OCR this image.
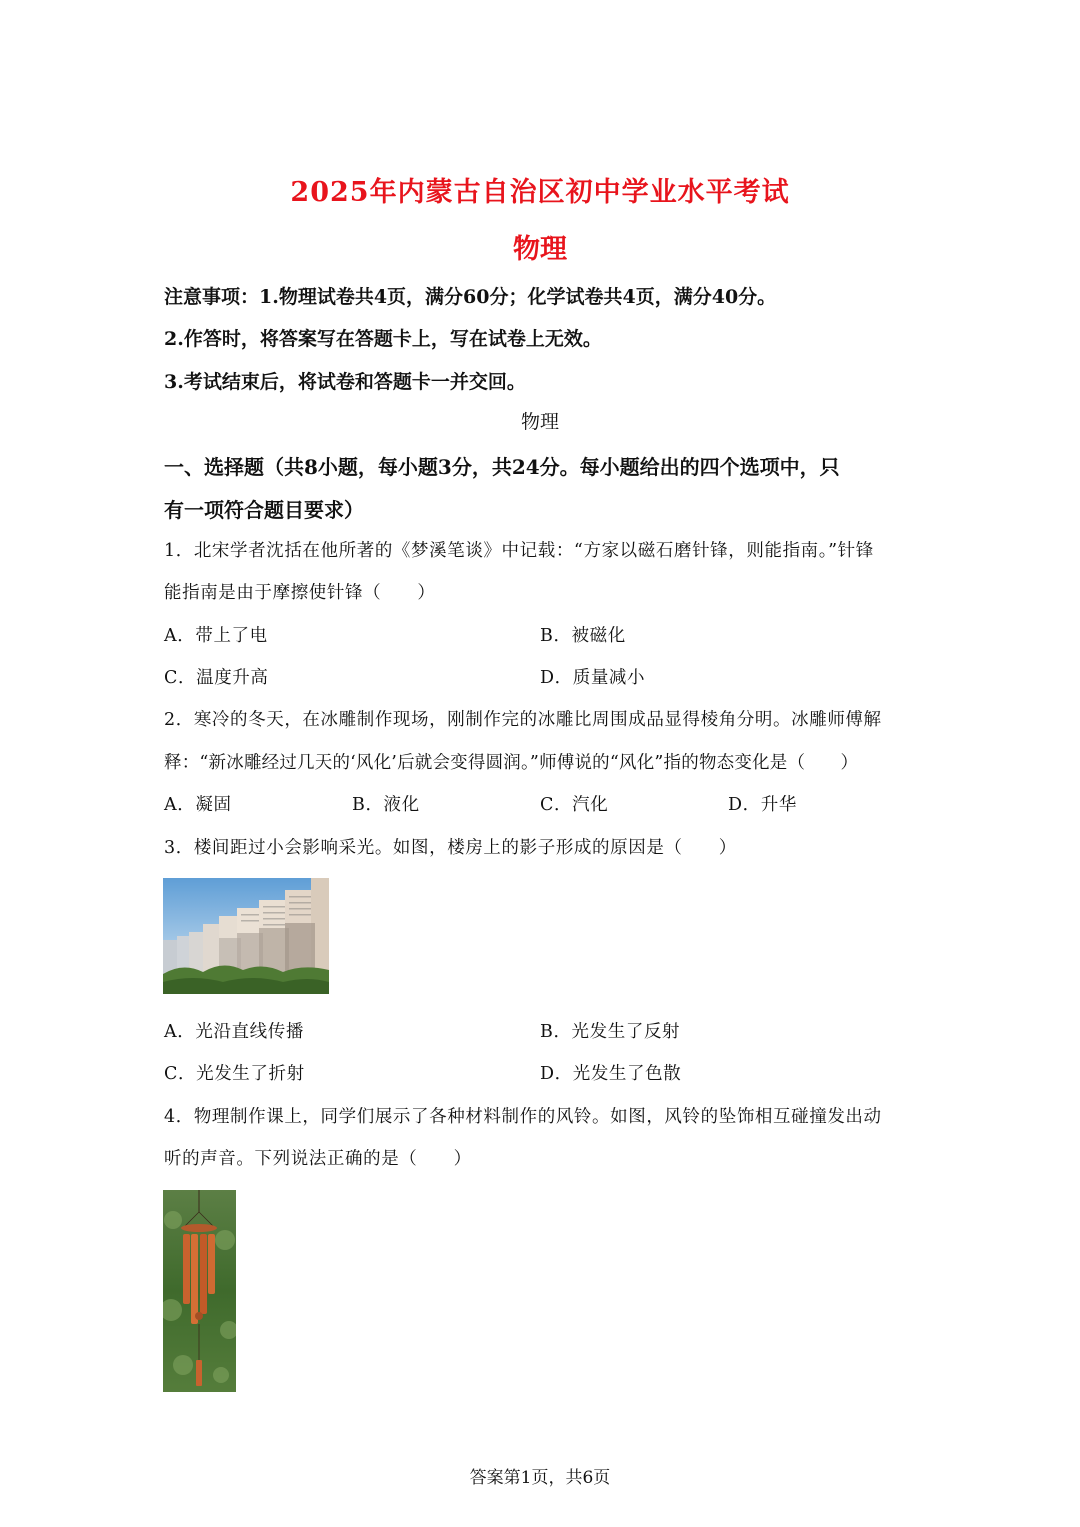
2025年内蒙古自治区初中学业水平考试
物理
注意事项：1.物理试卷共4页，满分60分；化学试卷共4页，满分40分。
2.作答时，将答案写在答题卡上，写在试卷上无效。
3.考试结束后，将试卷和答题卡一并交回。
物理
一、选择题（共8小题，每小题3分，共24分。每小题给出的四个选项中，只
有一项符合题目要求）
1．北宋学者沈括在他所著的《梦溪笔谈》中记载：“方家以磁石磨针锋，则能指南。”针锋
能指南是由于摩擦使针锋（　　）
A．带上了电	B．被磁化
C．温度升高	D．质量减小
2．寒冷的冬天，在冰雕制作现场，刚制作完的冰雕比周围成品显得棱角分明。冰雕师傅解
释：“新冰雕经过几天的‘风化’后就会变得圆润。”师傅说的“风化”指的物态变化是（　　）
A．凝固	B．液化	C．汽化	D．升华
3．楼间距过小会影响采光。如图，楼房上的影子形成的原因是（　　）
A．光沿直线传播	B．光发生了反射
C．光发生了折射	D．光发生了色散
4．物理制作课上，同学们展示了各种材料制作的风铃。如图，风铃的坠饰相互碰撞发出动
听的声音。下列说法正确的是（　　）
答案第1页，共6页
